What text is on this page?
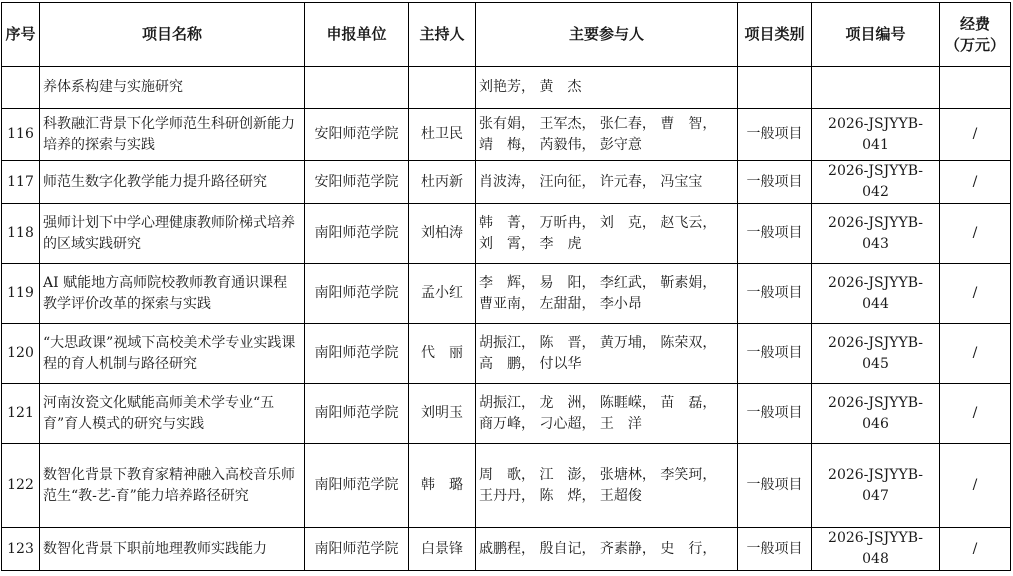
序号	项目名称	申报单位	主持人	主要参与人	项目类别	项目编号	经费
（万元）

	养体系构建与实施研究			刘艳芳， 黄　杰			
116	科教融汇背景下化学师范生科研创新能力培养的探索与实践	安阳师范学院	杜卫民	张有娟， 王军杰， 张仁春， 曹　智， 靖　梅， 芮毅伟， 彭守意	一般项目	2026-JSJYYB-041	/
117	师范生数字化教学能力提升路径研究	安阳师范学院	杜丙新	肖波涛， 汪向征， 许元春， 冯宝宝	一般项目	2026-JSJYYB-042	/
118	强师计划下中学心理健康教师阶梯式培养的区域实践研究	南阳师范学院	刘柏涛	韩　菁， 万昕冉， 刘　克， 赵飞云， 刘　霄， 李　虎	一般项目	2026-JSJYYB-043	/
119	AI 赋能地方高师院校教师教育通识课程教学评价改革的探索与实践	南阳师范学院	孟小红	李　辉， 易　阳， 李红武， 靳素娟， 曹亚南， 左甜甜， 李小昂	一般项目	2026-JSJYYB-044	/
120	“大思政课”视域下高校美术学专业实践课程的育人机制与路径研究	南阳师范学院	代　丽	胡振江， 陈　晋， 黄万埔， 陈荣双， 高　鹏， 付以华	一般项目	2026-JSJYYB-045	/
121	河南汝瓷文化赋能高师美术学专业“五育”育人模式的研究与实践	南阳师范学院	刘明玉	胡振江， 龙　洲， 陈睚嵘， 苗　磊， 商万峰， 刁心超， 王　洋	一般项目	2026-JSJYYB-046	/
122	数智化背景下教育家精神融入高校音乐师范生“教-艺-育”能力培养路径研究	南阳师范学院	韩　璐	周　歌， 江　澎， 张塘林， 李笑珂， 王丹丹， 陈　烨， 王超俊	一般项目	2026-JSJYYB-047	/
123	数智化背景下职前地理教师实践能力	南阳师范学院	白景锋	戚鹏程， 殷自记， 齐素静， 史　行，	一般项目	2026-JSJYYB-048	/
